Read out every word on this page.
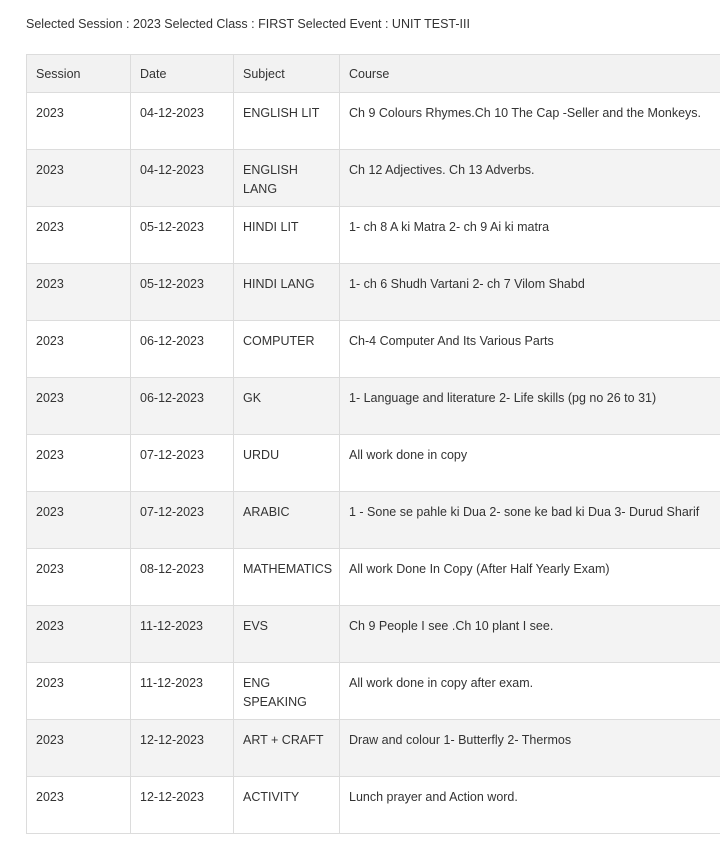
Selected Session : 2023 Selected Class : FIRST Selected Event : UNIT TEST-III
Session	Date	Subject	Course
2023	04-12-2023	ENGLISH LIT	Ch 9 Colours Rhymes.Ch 10 The Cap -Seller and the Monkeys.
2023	04-12-2023	ENGLISH LANG	Ch 12 Adjectives. Ch 13 Adverbs.
2023	05-12-2023	HINDI LIT	1- ch 8 A ki Matra 2- ch 9 Ai ki matra
2023	05-12-2023	HINDI LANG	1- ch 6 Shudh Vartani 2- ch 7 Vilom Shabd
2023	06-12-2023	COMPUTER	Ch-4 Computer And Its Various Parts
2023	06-12-2023	GK	1- Language and literature 2- Life skills (pg no 26 to 31)
2023	07-12-2023	URDU	All work done in copy
2023	07-12-2023	ARABIC	1 - Sone se pahle ki Dua 2- sone ke bad ki Dua 3- Durud Sharif
2023	08-12-2023	MATHEMATICS	All work Done In Copy (After Half Yearly Exam)
2023	11-12-2023	EVS	Ch 9 People I see .Ch 10 plant I see.
2023	11-12-2023	ENG SPEAKING	All work done in copy after exam.
2023	12-12-2023	ART + CRAFT	Draw and colour 1- Butterfly 2- Thermos
2023	12-12-2023	ACTIVITY	Lunch prayer and Action word.
